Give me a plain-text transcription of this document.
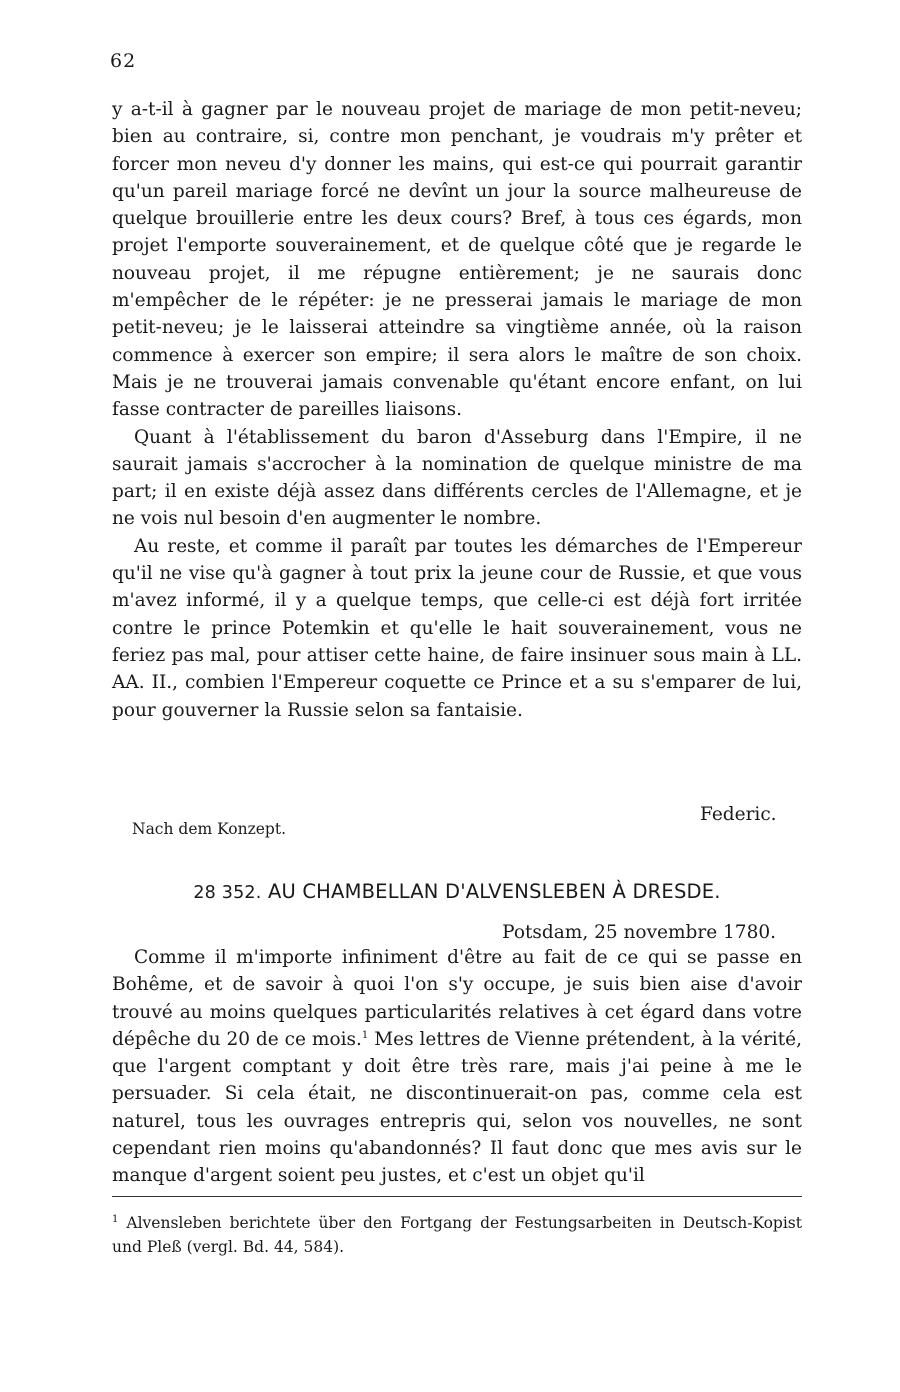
62

y a-t-il à gagner par le nouveau projet de mariage de mon petit-neveu; bien au contraire, si, contre mon penchant, je voudrais m'y prêter et forcer mon neveu d'y donner les mains, qui est-ce qui pourrait garantir qu'un pareil mariage forcé ne devînt un jour la source malheureuse de quelque brouillerie entre les deux cours? Bref, à tous ces égards, mon projet l'emporte souverainement, et de quelque côté que je regarde le nouveau projet, il me répugne entièrement; je ne saurais donc m'empêcher de le répéter: je ne presserai jamais le mariage de mon petit-neveu; je le laisserai atteindre sa vingtième année, où la raison commence à exercer son empire; il sera alors le maître de son choix. Mais je ne trouverai jamais convenable qu'étant encore enfant, on lui fasse contracter de pareilles liaisons.

Quant à l'établissement du baron d'Asseburg dans l'Empire, il ne saurait jamais s'accrocher à la nomination de quelque ministre de ma part; il en existe déjà assez dans différents cercles de l'Allemagne, et je ne vois nul besoin d'en augmenter le nombre.

Au reste, et comme il paraît par toutes les démarches de l'Empereur qu'il ne vise qu'à gagner à tout prix la jeune cour de Russie, et que vous m'avez informé, il y a quelque temps, que celle-ci est déjà fort irritée contre le prince Potemkin et qu'elle le hait souverainement, vous ne feriez pas mal, pour attiser cette haine, de faire insinuer sous main à LL. AA. II., combien l'Empereur coquette ce Prince et a su s'emparer de lui, pour gouverner la Russie selon sa fantaisie.

Federic.
Nach dem Konzept.
28 352. AU CHAMBELLAN D'ALVENSLEBEN À DRESDE.
Potsdam, 25 novembre 1780.

Comme il m'importe infiniment d'être au fait de ce qui se passe en Bohême, et de savoir à quoi l'on s'y occupe, je suis bien aise d'avoir trouvé au moins quelques particularités relatives à cet égard dans votre dépêche du 20 de ce mois.$^1$ Mes lettres de Vienne prétendent, à la vérité, que l'argent comptant y doit être très rare, mais j'ai peine à me le persuader. Si cela était, ne discontinuerait-on pas, comme cela est naturel, tous les ouvrages entrepris qui, selon vos nouvelles, ne sont cependant rien moins qu'abandonnés? Il faut donc que mes avis sur le manque d'argent soient peu justes, et c'est un objet qu'il

$^1$ Alvensleben berichtete über den Fortgang der Festungsarbeiten in Deutsch-Kopist und Pleß (vergl. Bd. 44, 584).
